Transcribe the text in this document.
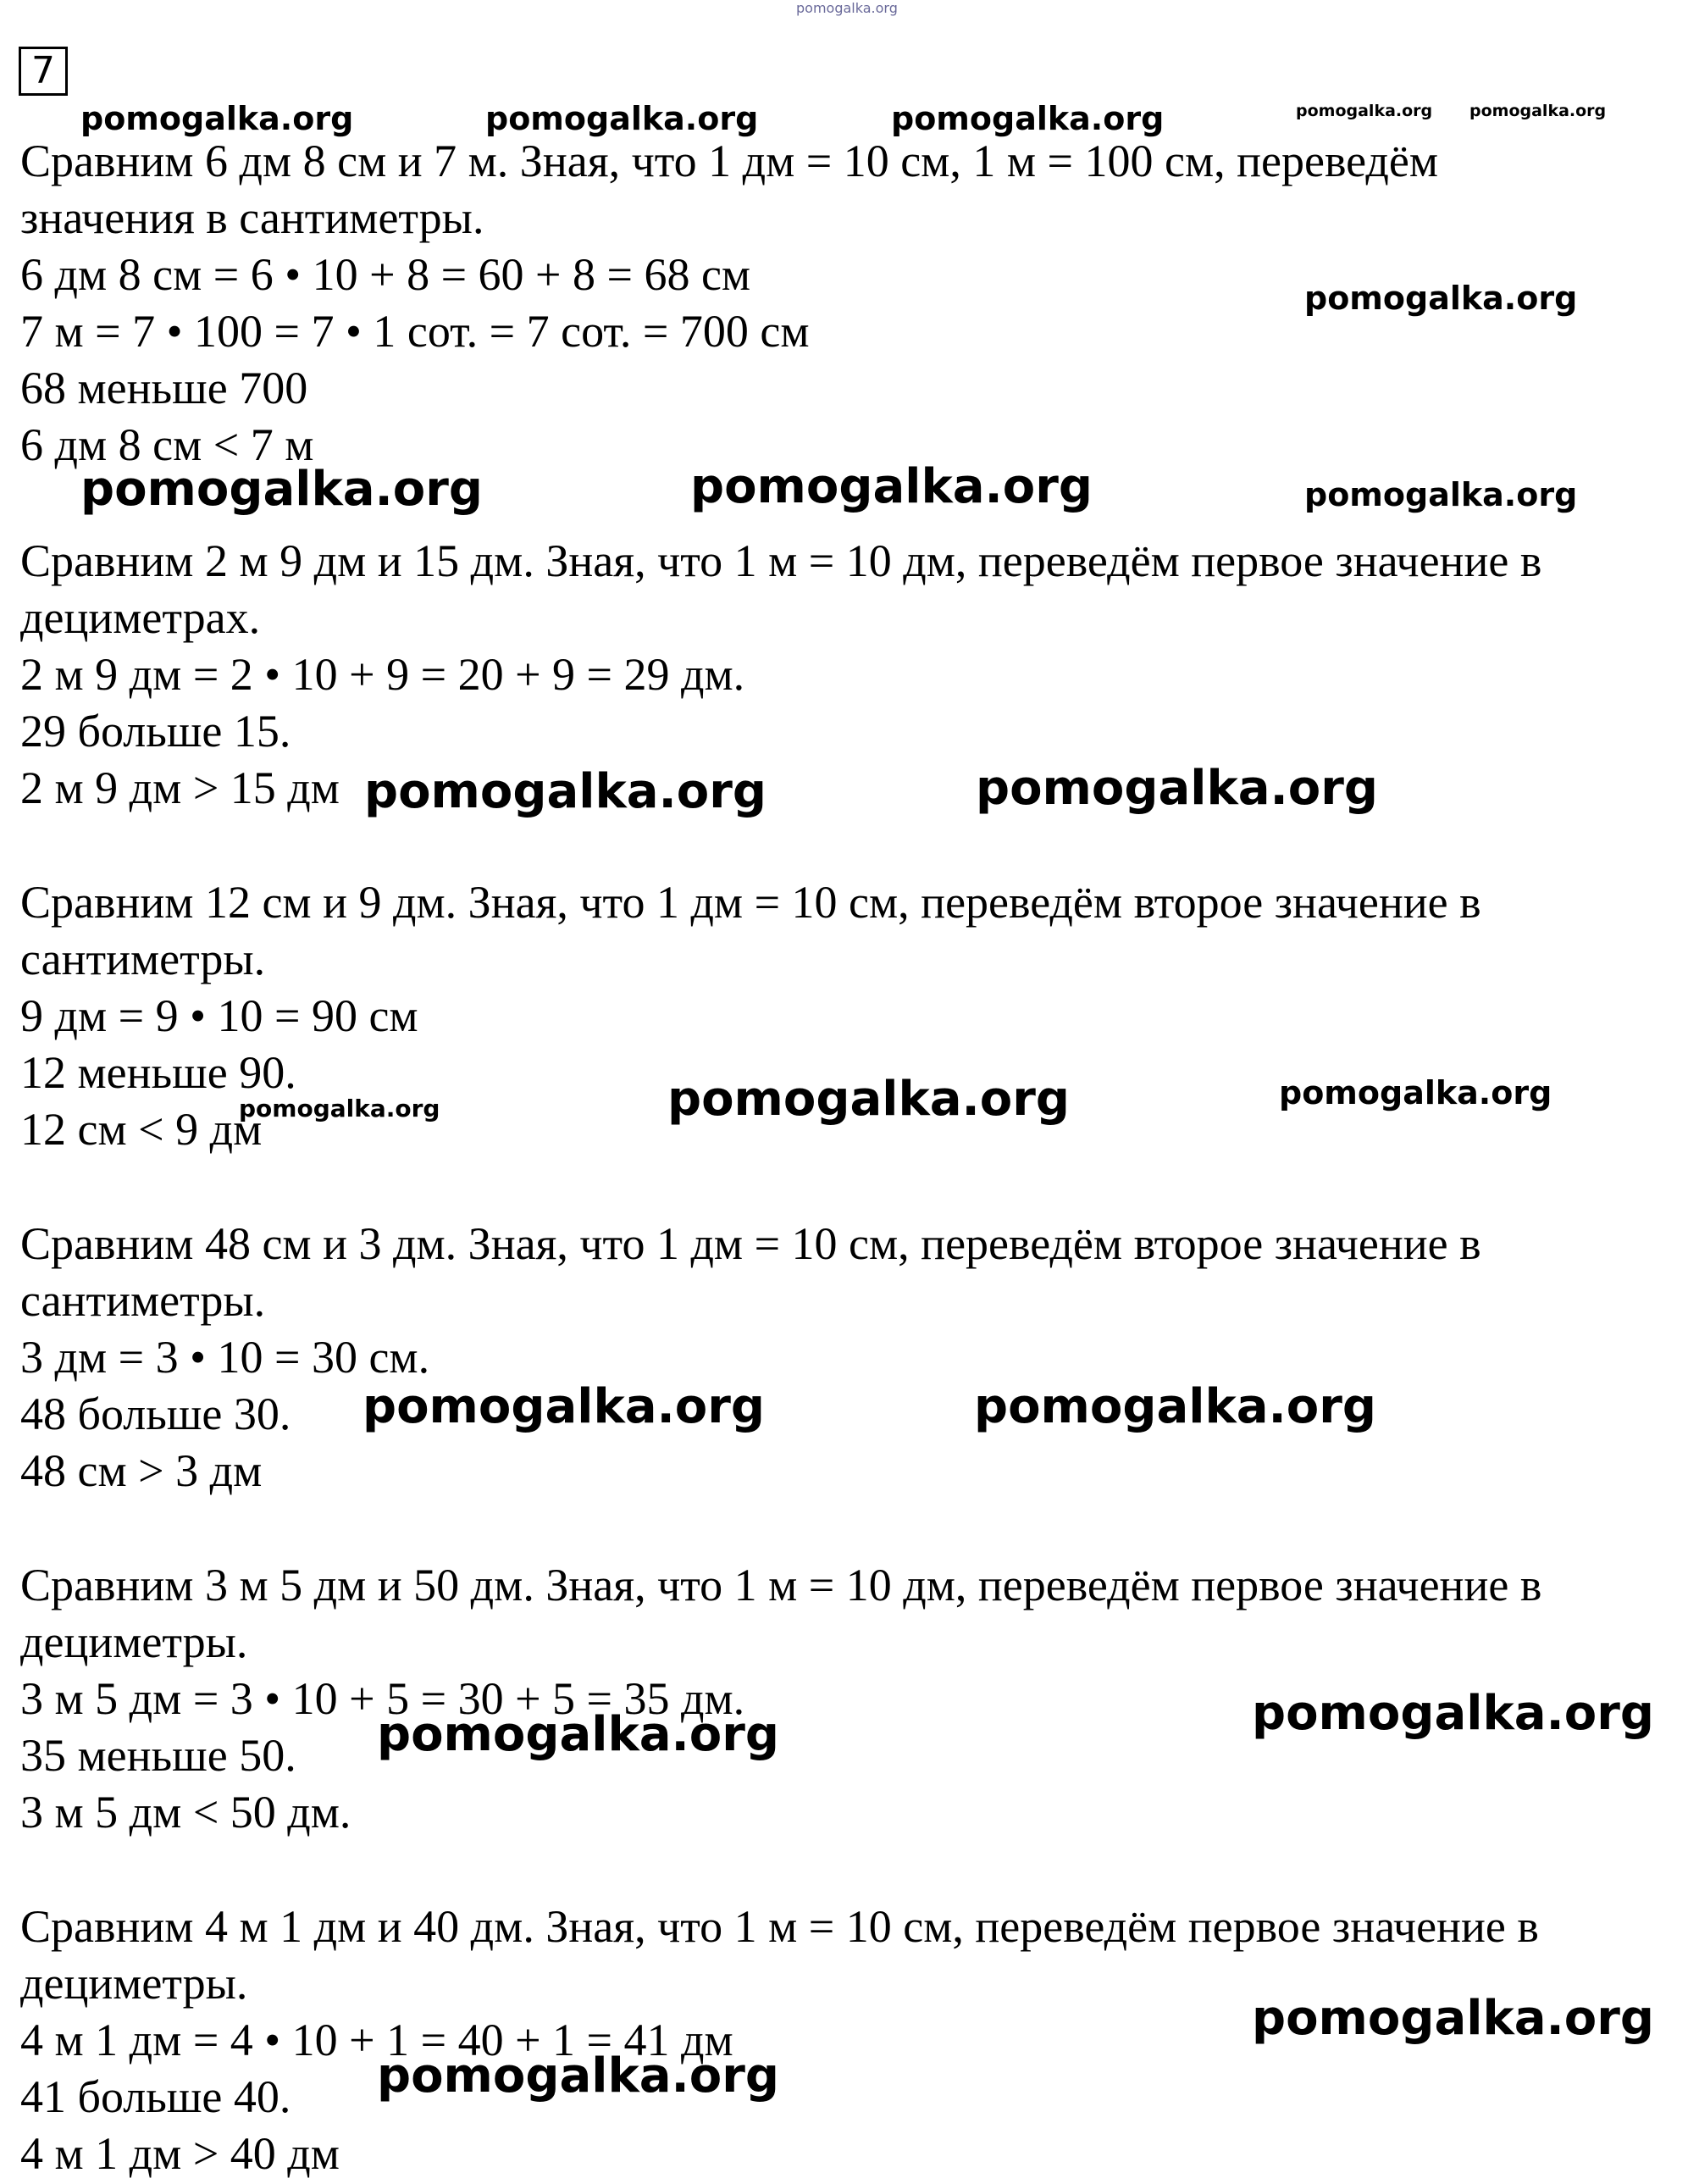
pomogalka.org
7
pomogalka.org	pomogalka.org	pomogalka.org	pomogalka.org pomogalka.org
Сравним 6 дм 8 см и 7 м. Зная, что 1 дм = 10 см, 1 м = 100 см, переведём
значения в сантиметры.
6 дм 8 см = 6 • 10 + 8 = 60 + 8 = 68 см
7 м = 7 • 100 = 7 • 1 сот. = 7 сот. = 700 см
68 меньше 700
6 дм 8 см < 7 м
pomogalka.org
pomogalka.org	pomogalka.org	pomogalka.org
Сравним 2 м 9 дм и 15 дм. Зная, что 1 м = 10 дм, переведём первое значение в
дециметрах.
2 м 9 дм = 2 • 10 + 9 = 20 + 9 = 29 дм.
29 больше 15.
2 м 9 дм > 15 дм pomogalka.org	pomogalka.org
Сравним 12 см и 9 дм. Зная, что 1 дм = 10 см, переведём второе значение в
сантиметры.
9 дм = 9 • 10 = 90 см
12 меньше 90.
12 см < 9 дм
pomogalka.org	pomogalka.org	pomogalka.org
Сравним 48 см и 3 дм. Зная, что 1 дм = 10 см, переведём второе значение в
сантиметры.
3 дм = 3 • 10 = 30 см.
48 больше 30.
48 см > 3 дм
pomogalka.org	pomogalka.org
Сравним 3 м 5 дм и 50 дм. Зная, что 1 м = 10 дм, переведём первое значение в
дециметры.
3 м 5 дм = 3 • 10 + 5 = 30 + 5 = 35 дм.
35 меньше 50.
3 м 5 дм < 50 дм.
pomogalka.org
pomogalka.org
Сравним 4 м 1 дм и 40 дм. Зная, что 1 м = 10 см, переведём первое значение в
дециметры.
4 м 1 дм = 4 • 10 + 1 = 40 + 1 = 41 дм
41 больше 40.
4 м 1 дм > 40 дм
pomogalka.org
pomogalka.org
